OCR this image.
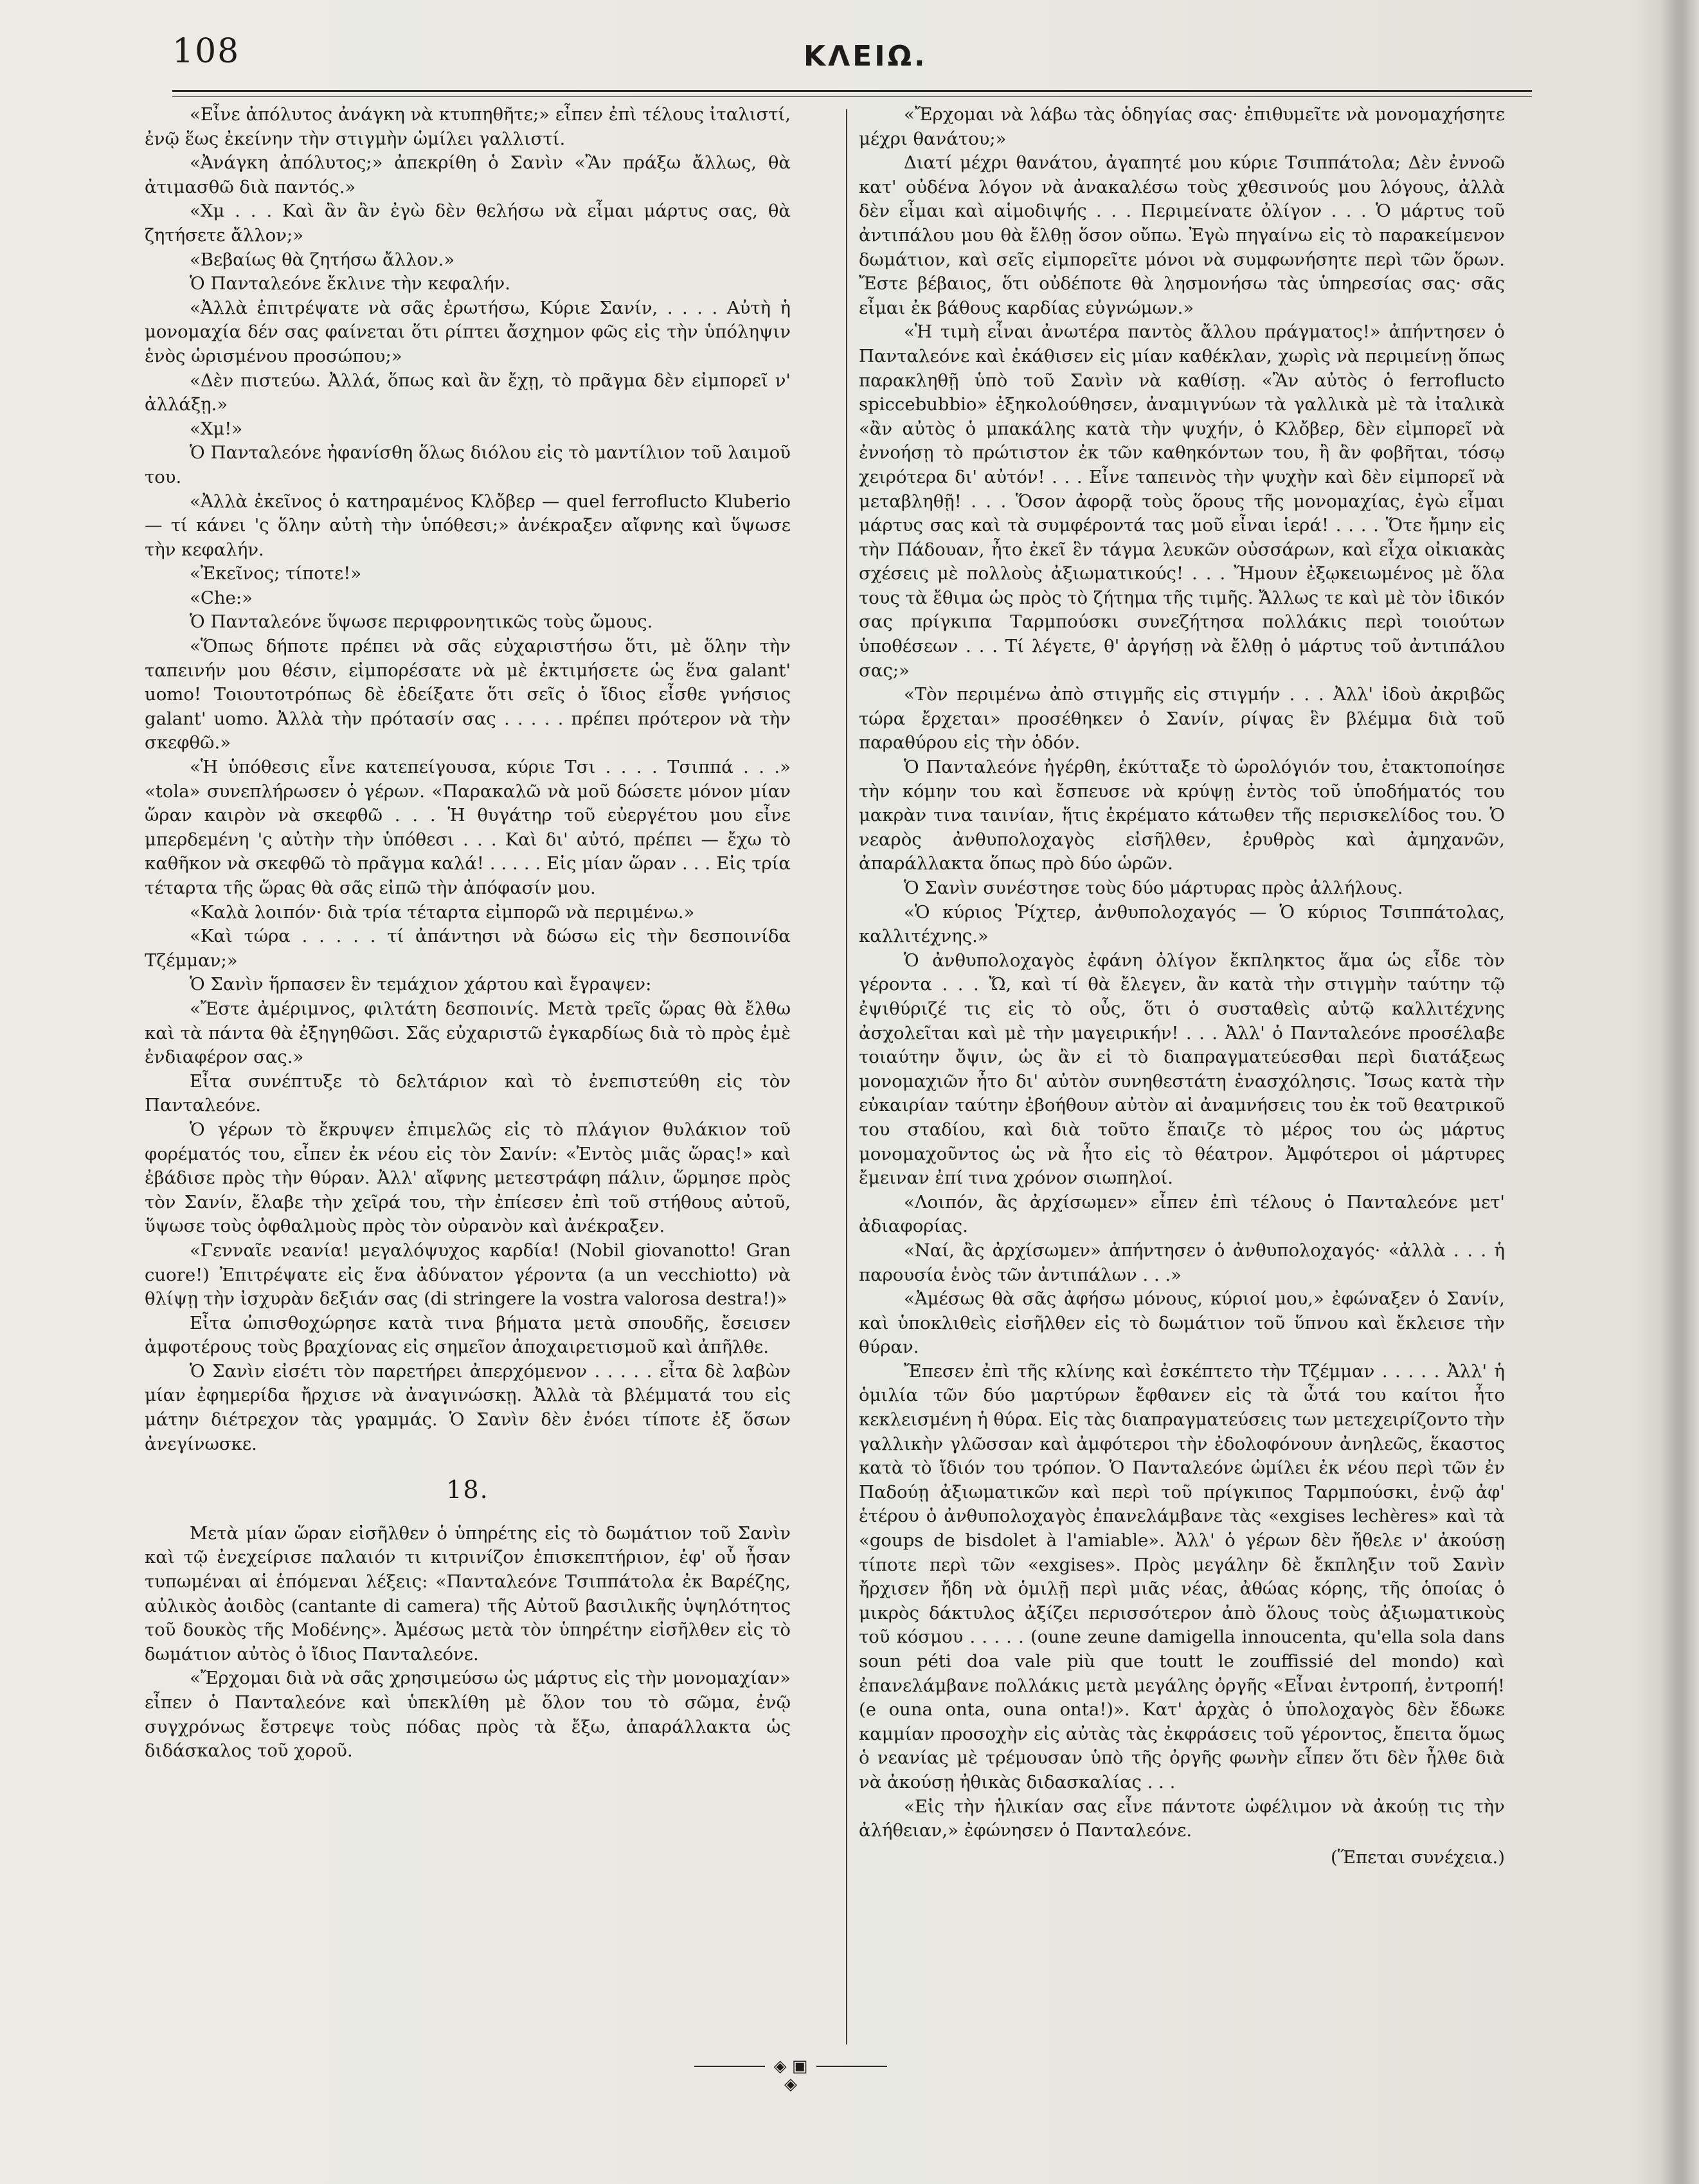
108	ΚΛΕΙΩ.

«Εἶνε ἀπόλυτος ἀνάγκη νὰ κτυπηθῆτε;» εἶπεν ἐπὶ τέλους ἰταλιστί, ἐνῷ ἕως ἐκείνην τὴν στιγμὴν ὡμίλει γαλλιστί.

«Ἀνάγκη ἀπόλυτος;» ἀπεκρίθη ὁ Σανὶν «Ἂν πράξω ἄλλως, θὰ ἀτιμασθῶ διὰ παντός.»

«Χμ . . . Καὶ ἂν ἂν ἐγὼ δὲν θελήσω νὰ εἶμαι μάρτυς σας, θὰ ζητήσετε ἄλλον;»

«Βεβαίως θὰ ζητήσω ἄλλον.»

Ὁ Πανταλεόνε ἔκλινε τὴν κεφαλήν.

«Ἀλλὰ ἐπιτρέψατε νὰ σᾶς ἐρωτήσω, Κύριε Σανίν, . . . . Αὐτὴ ἡ μονομαχία δέν σας φαίνεται ὅτι ρίπτει ἄσχημον φῶς εἰς τὴν ὑπόληψιν ἑνὸς ὡρισμένου προσώπου;»

«Δὲν πιστεύω. Ἀλλά, ὅπως καὶ ἂν ἔχῃ, τὸ πρᾶγμα δὲν εἰμπορεῖ ν' ἀλλάξῃ.»

«Χμ!»

Ὁ Πανταλεόνε ἠφανίσθη ὅλως διόλου εἰς τὸ μαντίλιον τοῦ λαιμοῦ του.

«Ἀλλὰ ἐκεῖνος ὁ κατηραμένος Κλὄβερ — quel ferroflucto Kluberio — τί κάνει 'ς ὅλην αὐτὴ τὴν ὑπόθεσι;» ἀνέκραξεν αἴφνης καὶ ὕψωσε τὴν κεφαλήν.

«Ἐκεῖνος; τίποτε!»

«Che:»

Ὁ Πανταλεόνε ὕψωσε περιφρονητικῶς τοὺς ὤμους.

«Ὅπως δήποτε πρέπει νὰ σᾶς εὐχαριστήσω ὅτι, μὲ ὅλην τὴν ταπεινήν μου θέσιν, εἰμπορέσατε νὰ μὲ ἐκτιμήσετε ὡς ἕνα galant' uomo! Τοιουτοτρόπως δὲ ἐδείξατε ὅτι σεῖς ὁ ἴδιος εἶσθε γνήσιος galant' uomo. Ἀλλὰ τὴν πρότασίν σας . . . . . πρέπει πρότερον νὰ τὴν σκεφθῶ.»

«Ἡ ὑπόθεσις εἶνε κατεπείγουσα, κύριε Τσι . . . . Τσιππά . . .» «tola» συνεπλήρωσεν ὁ γέρων. «Παρακαλῶ νὰ μοῦ δώσετε μόνον μίαν ὥραν καιρὸν νὰ σκεφθῶ . . . Ἡ θυγάτηρ τοῦ εὐεργέτου μου εἶνε μπερδεμένη 'ς αὐτὴν τὴν ὑπόθεσι . . . Καὶ δι' αὐτό, πρέπει — ἔχω τὸ καθῆκον νὰ σκεφθῶ τὸ πρᾶγμα καλά! . . . . . Εἰς μίαν ὥραν . . . Εἰς τρία τέταρτα τῆς ὥρας θὰ σᾶς εἰπῶ τὴν ἀπόφασίν μου.

«Καλὰ λοιπόν· διὰ τρία τέταρτα εἰμπορῶ νὰ περιμένω.»

«Καὶ τώρα . . . . . τί ἀπάντησι νὰ δώσω εἰς τὴν δεσποινίδα Τζέμμαν;»

Ὁ Σανὶν ἥρπασεν ἓν τεμάχιον χάρτου καὶ ἔγραψεν:

«Ἔστε ἀμέριμνος, φιλτάτη δεσποινίς. Μετὰ τρεῖς ὥρας θὰ ἔλθω καὶ τὰ πάντα θὰ ἐξηγηθῶσι. Σᾶς εὐχαριστῶ ἐγκαρδίως διὰ τὸ πρὸς ἐμὲ ἐνδιαφέρον σας.»

Εἶτα συνέπτυξε τὸ δελτάριον καὶ τὸ ἐνεπιστεύθη εἰς τὸν Πανταλεόνε.

Ὁ γέρων τὸ ἔκρυψεν ἐπιμελῶς εἰς τὸ πλάγιον θυλάκιον τοῦ φορέματός του, εἶπεν ἐκ νέου εἰς τὸν Σανίν: «Ἐντὸς μιᾶς ὥρας!» καὶ ἐβάδισε πρὸς τὴν θύραν. Ἀλλ' αἴφνης μετεστράφη πάλιν, ὥρμησε πρὸς τὸν Σανίν, ἔλαβε τὴν χεῖρά του, τὴν ἐπίεσεν ἐπὶ τοῦ στήθους αὐτοῦ, ὕψωσε τοὺς ὀφθαλμοὺς πρὸς τὸν οὐρανὸν καὶ ἀνέκραξεν.

«Γενναῖε νεανία! μεγαλόψυχος καρδία! (Nobil giovanotto! Gran cuore!) Ἐπιτρέψατε εἰς ἕνα ἀδύνατον γέροντα (a un vecchiotto) νὰ θλίψῃ τὴν ἰσχυρὰν δεξιάν σας (di stringere la vostra valorosa destra!)»

Εἶτα ὠπισθοχώρησε κατὰ τινα βήματα μετὰ σπουδῆς, ἔσεισεν ἀμφοτέρους τοὺς βραχίονας εἰς σημεῖον ἀποχαιρετισμοῦ καὶ ἀπῆλθε.

Ὁ Σανὶν εἰσέτι τὸν παρετήρει ἀπερχόμενον . . . . . εἶτα δὲ λαβὼν μίαν ἐφημερίδα ἤρχισε νὰ ἀναγινώσκῃ. Ἀλλὰ τὰ βλέμματά του εἰς μάτην διέτρεχον τὰς γραμμάς. Ὁ Σανὶν δὲν ἐνόει τίποτε ἐξ ὅσων ἀνεγίνωσκε.

18.

Μετὰ μίαν ὥραν εἰσῆλθεν ὁ ὑπηρέτης εἰς τὸ δωμάτιον τοῦ Σανὶν καὶ τῷ ἐνεχείρισε παλαιόν τι κιτρινίζον ἐπισκεπτήριον, ἐφ' οὗ ἦσαν τυπωμέναι αἱ ἑπόμεναι λέξεις: «Πανταλεόνε Τσιππάτολα ἐκ Βαρέζης, αὐλικὸς ἀοιδὸς (cantante di camera) τῆς Αὐτοῦ βασιλικῆς ὑψηλότητος τοῦ δουκὸς τῆς Μοδένης». Ἀμέσως μετὰ τὸν ὑπηρέτην εἰσῆλθεν εἰς τὸ δωμάτιον αὐτὸς ὁ ἴδιος Πανταλεόνε.

«Ἔρχομαι διὰ νὰ σᾶς χρησιμεύσω ὡς μάρτυς εἰς τὴν μονομαχίαν» εἶπεν ὁ Πανταλεόνε καὶ ὑπεκλίθη μὲ ὅλον του τὸ σῶμα, ἐνῷ συγχρόνως ἔστρεψε τοὺς πόδας πρὸς τὰ ἔξω, ἀπαράλλακτα ὡς διδάσκαλος τοῦ χοροῦ.

«Ἔρχομαι νὰ λάβω τὰς ὁδηγίας σας· ἐπιθυμεῖτε νὰ μονομαχήσητε μέχρι θανάτου;»

Διατί μέχρι θανάτου, ἀγαπητέ μου κύριε Τσιππάτολα; Δὲν ἐννοῶ κατ' οὐδένα λόγον νὰ ἀνακαλέσω τοὺς χθεσινούς μου λόγους, ἀλλὰ δὲν εἶμαι καὶ αἱμοδιψής . . . Περιμείνατε ὀλίγον . . . Ὁ μάρτυς τοῦ ἀντιπάλου μου θὰ ἔλθῃ ὅσον οὔπω. Ἐγὼ πηγαίνω εἰς τὸ παρακείμενον δωμάτιον, καὶ σεῖς εἰμπορεῖτε μόνοι νὰ συμφωνήσητε περὶ τῶν ὅρων. Ἔστε βέβαιος, ὅτι οὐδέποτε θὰ λησμονήσω τὰς ὑπηρεσίας σας· σᾶς εἶμαι ἐκ βάθους καρδίας εὐγνώμων.»

«Ἡ τιμὴ εἶναι ἀνωτέρα παντὸς ἄλλου πράγματος!» ἀπήντησεν ὁ Πανταλεόνε καὶ ἐκάθισεν εἰς μίαν καθέκλαν, χωρὶς νὰ περιμείνῃ ὅπως παρακληθῇ ὑπὸ τοῦ Σανὶν νὰ καθίσῃ. «Ἂν αὐτὸς ὁ ferroflucto spiccebubbio» ἐξηκολούθησεν, ἀναμιγνύων τὰ γαλλικὰ μὲ τὰ ἰταλικὰ «ἂν αὐτὸς ὁ μπακάλης κατὰ τὴν ψυχήν, ὁ Κλὄβερ, δὲν εἰμπορεῖ νὰ ἐννοήσῃ τὸ πρώτιστον ἐκ τῶν καθηκόντων του, ἢ ἂν φοβῆται, τόσῳ χειρότερα δι' αὐτόν! . . . Εἶνε ταπεινὸς τὴν ψυχὴν καὶ δὲν εἰμπορεῖ νὰ μεταβληθῇ! . . . Ὅσον ἀφορᾷ τοὺς ὅρους τῆς μονομαχίας, ἐγὼ εἶμαι μάρτυς σας καὶ τὰ συμφέροντά τας μοῦ εἶναι ἱερά! . . . . Ὅτε ἤμην εἰς τὴν Πάδουαν, ἦτο ἐκεῖ ἓν τάγμα λευκῶν οὐσσάρων, καὶ εἶχα οἰκιακὰς σχέσεις μὲ πολλοὺς ἀξιωματικούς! . . . Ἤμουν ἐξῳκειωμένος μὲ ὅλα τους τὰ ἔθιμα ὡς πρὸς τὸ ζήτημα τῆς τιμῆς. Ἄλλως τε καὶ μὲ τὸν ἰδικόν σας πρίγκιπα Ταρμπούσκι συνεζήτησα πολλάκις περὶ τοιούτων ὑποθέσεων . . . Τί λέγετε, θ' ἀργήσῃ νὰ ἔλθῃ ὁ μάρτυς τοῦ ἀντιπάλου σας;»

«Τὸν περιμένω ἀπὸ στιγμῆς εἰς στιγμήν . . . Ἀλλ' ἰδοὺ ἀκριβῶς τώρα ἔρχεται» προσέθηκεν ὁ Σανίν, ρίψας ἓν βλέμμα διὰ τοῦ παραθύρου εἰς τὴν ὁδόν.

Ὁ Πανταλεόνε ἠγέρθη, ἐκύτταξε τὸ ὡρολόγιόν του, ἐτακτοποίησε τὴν κόμην του καὶ ἔσπευσε νὰ κρύψῃ ἐντὸς τοῦ ὑποδήματός του μακρὰν τινα ταινίαν, ἥτις ἐκρέματο κάτωθεν τῆς περισκελίδος του. Ὁ νεαρὸς ἀνθυπολοχαγὸς εἰσῆλθεν, ἐρυθρὸς καὶ ἀμηχανῶν, ἀπαράλλακτα ὅπως πρὸ δύο ὡρῶν.

Ὁ Σανὶν συνέστησε τοὺς δύο μάρτυρας πρὸς ἀλλήλους.

«Ὁ κύριος Ῥίχτερ, ἀνθυπολοχαγός — Ὁ κύριος Τσιππάτολας, καλλιτέχνης.»

Ὁ ἀνθυπολοχαγὸς ἐφάνη ὀλίγον ἔκπληκτος ἅμα ὡς εἶδε τὸν γέροντα . . . Ὤ, καὶ τί θὰ ἔλεγεν, ἂν κατὰ τὴν στιγμὴν ταύτην τῷ ἐψιθύριζέ τις εἰς τὸ οὖς, ὅτι ὁ συσταθεὶς αὐτῷ καλλιτέχνης ἀσχολεῖται καὶ μὲ τὴν μαγειρικήν! . . . Ἀλλ' ὁ Πανταλεόνε προσέλαβε τοιαύτην ὄψιν, ὡς ἂν εἰ τὸ διαπραγματεύεσθαι περὶ διατάξεως μονομαχιῶν ἦτο δι' αὐτὸν συνηθεστάτη ἐνασχόλησις. Ἴσως κατὰ τὴν εὐκαιρίαν ταύτην ἐβοήθουν αὐτὸν αἱ ἀναμνήσεις του ἐκ τοῦ θεατρικοῦ του σταδίου, καὶ διὰ τοῦτο ἔπαιζε τὸ μέρος του ὡς μάρτυς μονομαχοῦντος ὡς νὰ ἦτο εἰς τὸ θέατρον. Ἀμφότεροι οἱ μάρτυρες ἔμειναν ἐπί τινα χρόνον σιωπηλοί.

«Λοιπόν, ἂς ἀρχίσωμεν» εἶπεν ἐπὶ τέλους ὁ Πανταλεόνε μετ' ἀδιαφορίας.

«Ναί, ἂς ἀρχίσωμεν» ἀπήντησεν ὁ ἀνθυπολοχαγός· «ἀλλὰ . . . ἡ παρουσία ἑνὸς τῶν ἀντιπάλων . . .»

«Ἀμέσως θὰ σᾶς ἀφήσω μόνους, κύριοί μου,» ἐφώναξεν ὁ Σανίν, καὶ ὑποκλιθεὶς εἰσῆλθεν εἰς τὸ δωμάτιον τοῦ ὕπνου καὶ ἔκλεισε τὴν θύραν.

Ἔπεσεν ἐπὶ τῆς κλίνης καὶ ἐσκέπτετο τὴν Τζέμμαν . . . . . Ἀλλ' ἡ ὁμιλία τῶν δύο μαρτύρων ἔφθανεν εἰς τὰ ὦτά του καίτοι ἦτο κεκλεισμένη ἡ θύρα. Εἰς τὰς διαπραγματεύσεις των μετεχειρίζοντο τὴν γαλλικὴν γλῶσσαν καὶ ἀμφότεροι τὴν ἐδολοφόνουν ἀνηλεῶς, ἕκαστος κατὰ τὸ ἴδιόν του τρόπον. Ὁ Πανταλεόνε ὡμίλει ἐκ νέου περὶ τῶν ἐν Παδούῃ ἀξιωματικῶν καὶ περὶ τοῦ πρίγκιπος Ταρμπούσκι, ἐνῷ ἀφ' ἑτέρου ὁ ἀνθυπολοχαγὸς ἐπανελάμβανε τὰς «exgises lechères» καὶ τὰ «goups de bisdolet à l'amiable». Ἀλλ' ὁ γέρων δὲν ἤθελε ν' ἀκούσῃ τίποτε περὶ τῶν «exgises». Πρὸς μεγάλην δὲ ἔκπληξιν τοῦ Σανὶν ἤρχισεν ἤδη νὰ ὁμιλῇ περὶ μιᾶς νέας, ἀθώας κόρης, τῆς ὁποίας ὁ μικρὸς δάκτυλος ἀξίζει περισσότερον ἀπὸ ὅλους τοὺς ἀξιωματικοὺς τοῦ κόσμου . . . . . (oune zeune damigella innoucenta, qu'ella sola dans soun péti doa vale più que toutt le zouffissié del mondo) καὶ ἐπανελάμβανε πολλάκις μετὰ μεγάλης ὀργῆς «Εἶναι ἐντροπή, ἐντροπή! (e ouna onta, ouna onta!)». Κατ' ἀρχὰς ὁ ὑπολοχαγὸς δὲν ἔδωκε καμμίαν προσοχὴν εἰς αὐτὰς τὰς ἐκφράσεις τοῦ γέροντος, ἔπειτα ὅμως ὁ νεανίας μὲ τρέμουσαν ὑπὸ τῆς ὀργῆς φωνὴν εἶπεν ὅτι δὲν ἦλθε διὰ νὰ ἀκούσῃ ἠθικὰς διδασκαλίας . . .

«Εἰς τὴν ἡλικίαν σας εἶνε πάντοτε ὠφέλιμον νὰ ἀκούῃ τις τὴν ἀλήθειαν,» ἐφώνησεν ὁ Πανταλεόνε.

(Ἕπεται συνέχεια.)
◈ ▣ ◈
